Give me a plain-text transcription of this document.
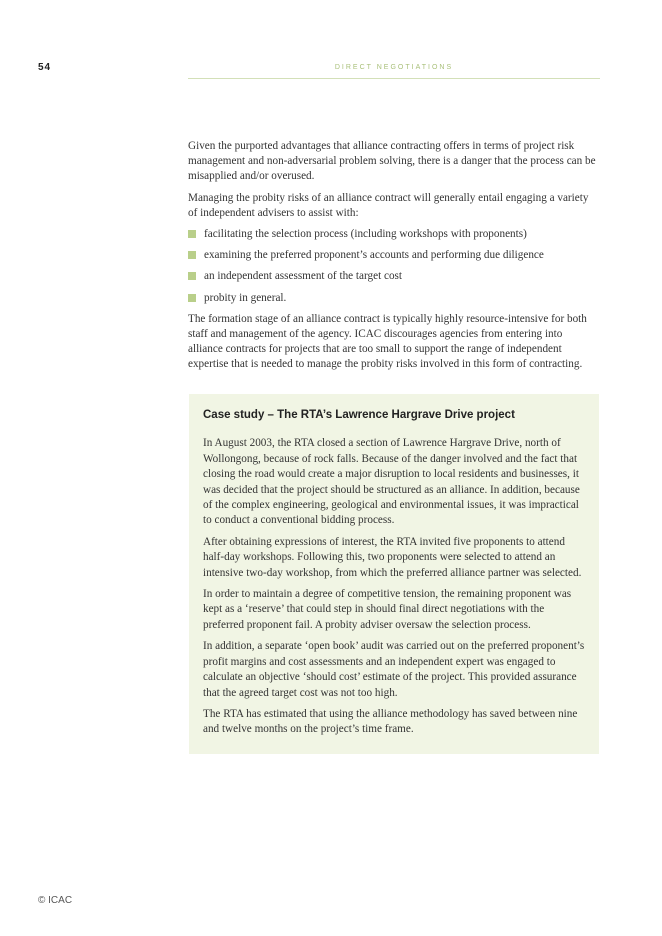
54	DIRECT NEGOTIATIONS

Given the purported advantages that alliance contracting offers in terms of project risk management and non-adversarial problem solving, there is a danger that the process can be misapplied and/or overused.

Managing the probity risks of an alliance contract will generally entail engaging a variety of independent advisers to assist with:

facilitating the selection process (including workshops with proponents)
examining the preferred proponent’s accounts and performing due diligence
an independent assessment of the target cost
probity in general.

The formation stage of an alliance contract is typically highly resource-intensive for both staff and management of the agency. ICAC discourages agencies from entering into alliance contracts for projects that are too small to support the range of independent expertise that is needed to manage the probity risks involved in this form of contracting.

Case study – The RTA’s Lawrence Hargrave Drive project

In August 2003, the RTA closed a section of Lawrence Hargrave Drive, north of Wollongong, because of rock falls. Because of the danger involved and the fact that closing the road would create a major disruption to local residents and businesses, it was decided that the project should be structured as an alliance. In addition, because of the complex engineering, geological and environmental issues, it was impractical to conduct a conventional bidding process.

After obtaining expressions of interest, the RTA invited five proponents to attend half-day workshops. Following this, two proponents were selected to attend an intensive two-day workshop, from which the preferred alliance partner was selected.

In order to maintain a degree of competitive tension, the remaining proponent was kept as a ‘reserve’ that could step in should final direct negotiations with the preferred proponent fail. A probity adviser oversaw the selection process.

In addition, a separate ‘open book’ audit was carried out on the preferred proponent’s profit margins and cost assessments and an independent expert was engaged to calculate an objective ‘should cost’ estimate of the project. This provided assurance that the agreed target cost was not too high.

The RTA has estimated that using the alliance methodology has saved between nine and twelve months on the project’s time frame.

© ICAC
